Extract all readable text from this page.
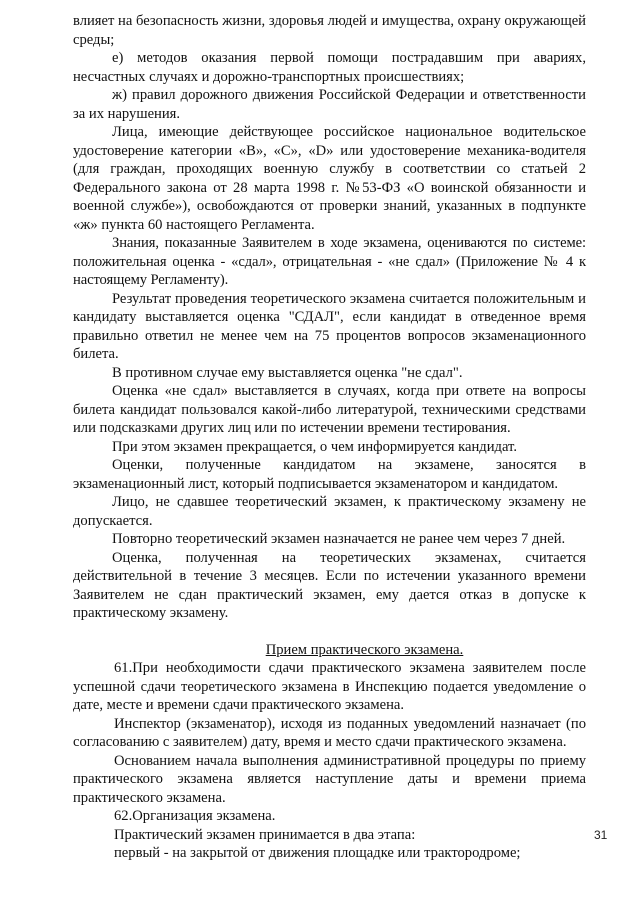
влияет на безопасность жизни, здоровья людей и имущества, охрану окружающей среды;

е) методов оказания первой помощи пострадавшим при авариях, несчастных случаях и дорожно-транспортных происшествиях;

ж) правил дорожного движения Российской Федерации и ответственности за их нарушения.

Лица, имеющие действующее российское национальное водительское удостоверение категории «B», «C», «D» или удостоверение механика-водителя (для граждан, проходящих военную службу в соответствии со статьей 2 Федерального закона от 28 марта 1998 г. №53-ФЗ «О воинской обязанности и военной службе»), освобождаются от проверки знаний, указанных в подпункте «ж» пункта 60 настоящего Регламента.

Знания, показанные Заявителем в ходе экзамена, оцениваются по системе: положительная оценка - «сдал», отрицательная - «не сдал» (Приложение № 4 к настоящему Регламенту).

Результат проведения теоретического экзамена считается положительным и кандидату выставляется оценка "СДАЛ", если кандидат в отведенное время правильно ответил не менее чем на 75 процентов вопросов экзаменационного билета.

В противном случае ему выставляется оценка "не сдал".

Оценка «не сдал» выставляется в случаях, когда при ответе на вопросы билета кандидат пользовался какой-либо литературой, техническими средствами или подсказками других лиц или по истечении времени тестирования.

При этом экзамен прекращается, о чем информируется кандидат.

Оценки, полученные кандидатом на экзамене, заносятся в экзаменационный лист, который подписывается экзаменатором и кандидатом.

Лицо, не сдавшее теоретический экзамен, к практическому экзамену не допускается.

Повторно теоретический экзамен назначается не ранее чем через 7 дней.

Оценка, полученная на теоретических экзаменах, считается действительной в течение 3 месяцев. Если по истечении указанного времени Заявителем не сдан практический экзамен, ему дается отказ в допуске к практическому экзамену.

Прием практического экзамена.

61.При необходимости сдачи практического экзамена заявителем после успешной сдачи теоретического экзамена в Инспекцию подается уведомление о дате, месте и времени сдачи практического экзамена.

Инспектор (экзаменатор), исходя из поданных уведомлений назначает (по согласованию с заявителем) дату, время и место сдачи практического экзамена.

Основанием начала выполнения административной процедуры по приему практического экзамена является наступление даты и времени приема практического экзамена.

62.Организация экзамена.

Практический экзамен принимается в два этапа:

первый - на закрытой от движения площадке или трактородроме;

31
